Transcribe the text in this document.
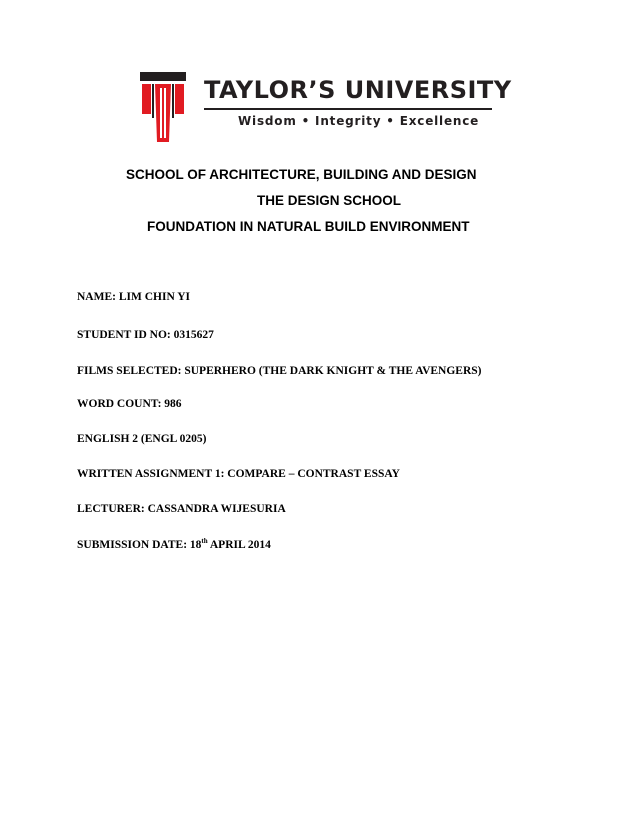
TAYLOR’S UNIVERSITY
Wisdom • Integrity • Excellence
SCHOOL OF ARCHITECTURE, BUILDING AND DESIGN
THE DESIGN SCHOOL
FOUNDATION IN NATURAL BUILD ENVIRONMENT
NAME: LIM CHIN YI
STUDENT ID NO: 0315627
FILMS SELECTED: SUPERHERO (THE DARK KNIGHT & THE AVENGERS)
WORD COUNT: 986
ENGLISH 2 (ENGL 0205)
WRITTEN ASSIGNMENT 1: COMPARE – CONTRAST ESSAY
LECTURER: CASSANDRA WIJESURIA
SUBMISSION DATE: 18th APRIL 2014
